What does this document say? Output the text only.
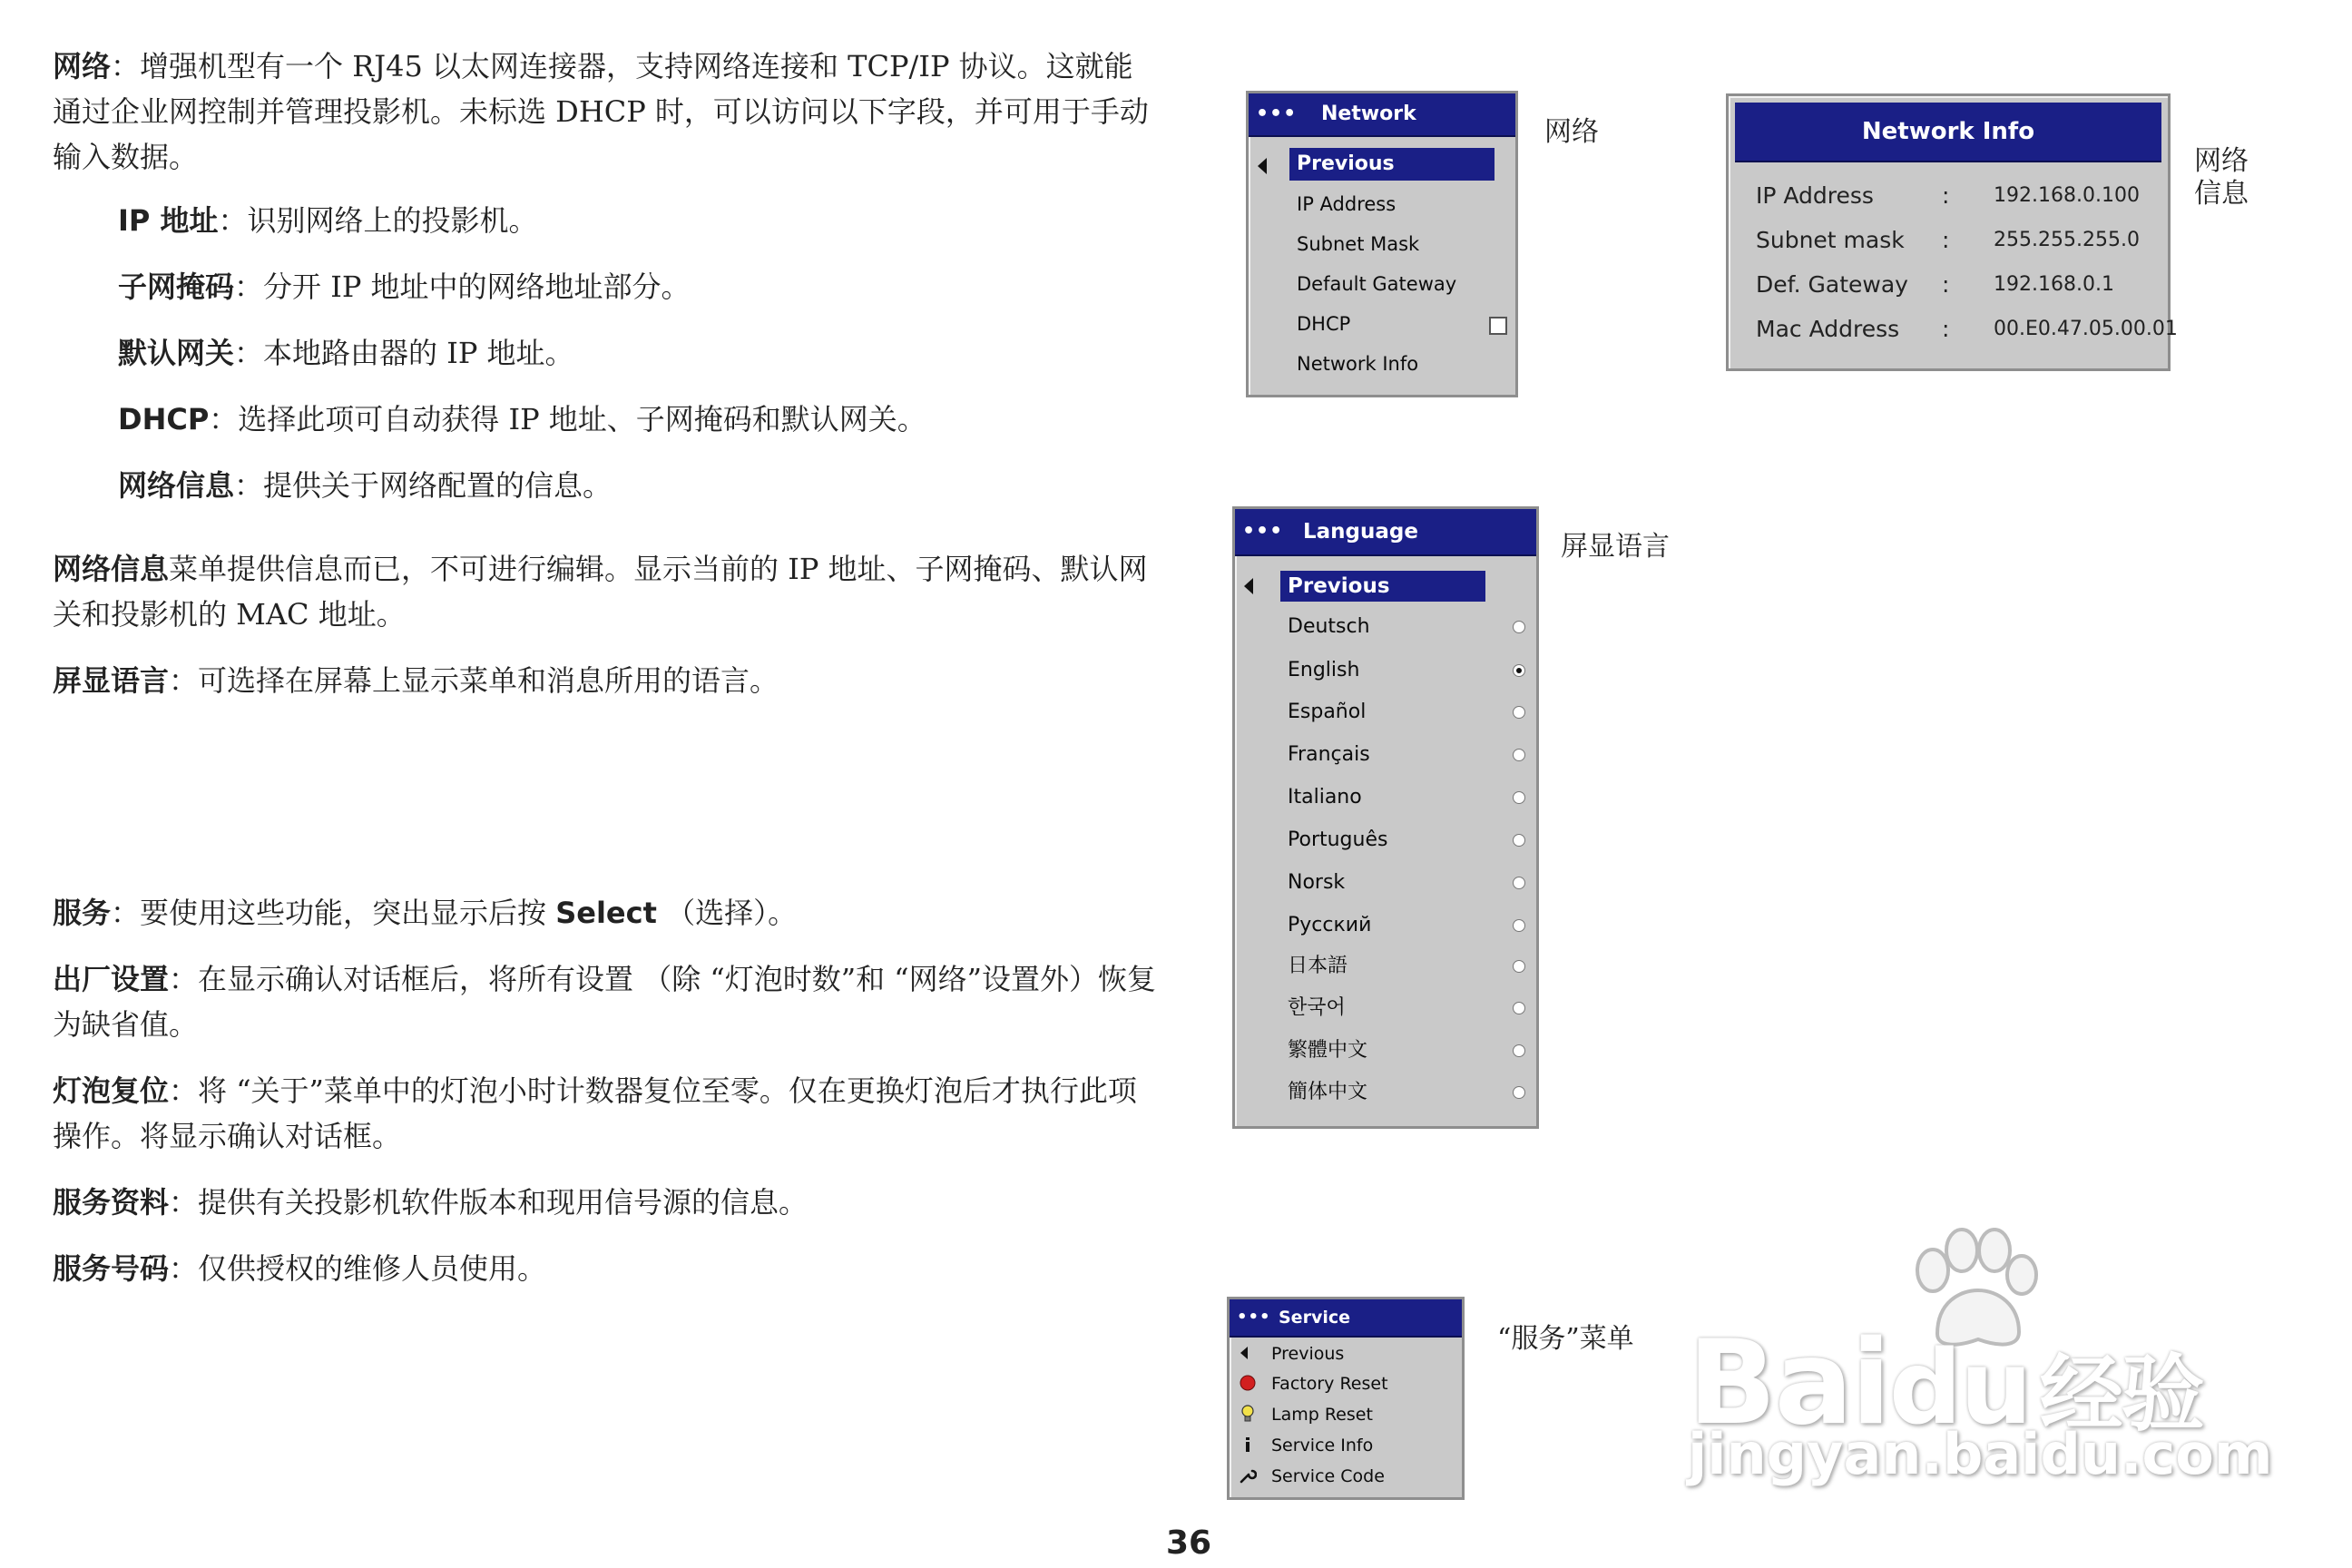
网络：增强机型有一个 RJ45 以太网连接器，支持网络连接和 TCP/IP 协议。这就能通过企业网控制并管理投影机。未标选 DHCP 时，可以访问以下字段，并可用于手动输入数据。

IP 地址：识别网络上的投影机。

子网掩码：分开 IP 地址中的网络地址部分。

默认网关：本地路由器的 IP 地址。

DHCP：选择此项可自动获得 IP 地址、子网掩码和默认网关。

网络信息：提供关于网络配置的信息。

网络信息菜单提供信息而已，不可进行编辑。显示当前的 IP 地址、子网掩码、默认网关和投影机的 MAC 地址。

屏显语言：可选择在屏幕上显示菜单和消息所用的语言。

服务：要使用这些功能，突出显示后按 Select （选择）。

出厂设置：在显示确认对话框后，将所有设置 （除 “灯泡时数”和 “网络”设置外）恢复为缺省值。

灯泡复位：将 “关于”菜单中的灯泡小时计数器复位至零。仅在更换灯泡后才执行此项操作。将显示确认对话框。

服务资料：提供有关投影机软件版本和现用信号源的信息。

服务号码：仅供授权的维修人员使用。

••• Network
Previous
IP Address
Subnet Mask
Default Gateway
DHCP
Network Info
网络	Network Info
IP Address	: 192.168.0.100
Subnet mask : 255.255.255.0
Def. Gateway : 192.168.0.1
Mac Address : 00.E0.47.05.00.01
网络
信息
••• Language
Previous
Deutsch
English
Español
Français
Italiano
Português
Norsk
Русский
日本語
한국어
繁體中文
簡体中文
屏显语言
••• Service
Previous
Factory Reset
Lamp Reset
Service Info
Service Code
“服务”菜单 Baidu 经验
jingyan.baidu.com
36
